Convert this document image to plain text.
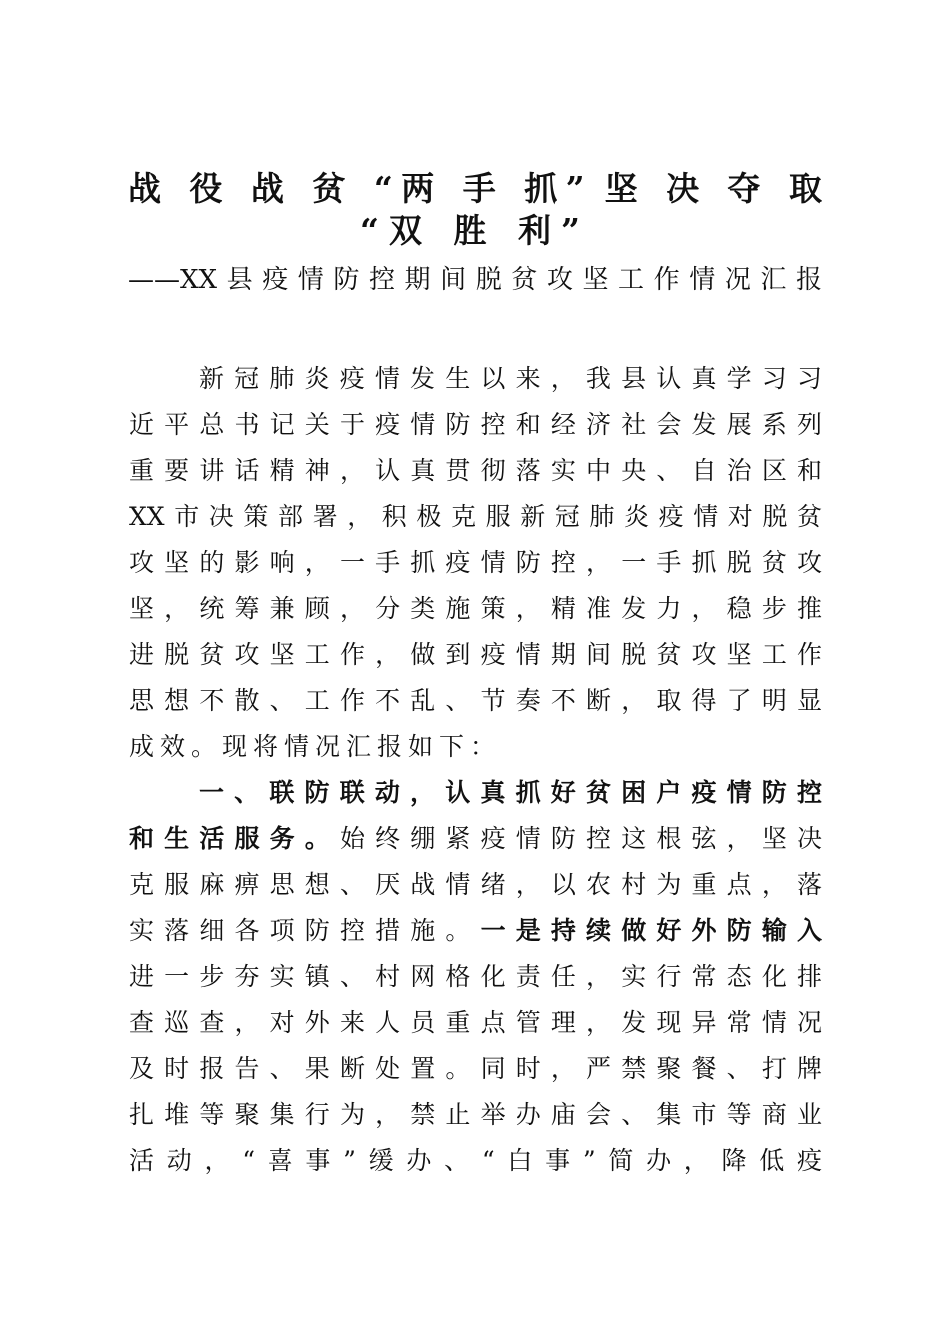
战 役 战 贫 “两 手 抓” 坚 决 夺 取
“双 胜 利”
——XX县疫情防控期间脱贫攻坚工作情况汇报
新冠肺炎疫情发生以来，我县认真学习习
近平总书记关于疫情防控和经济社会发展系列
重要讲话精神，认真贯彻落实中央、自治区和
XX市决策部署，积极克服新冠肺炎疫情对脱贫
攻坚的影响，一手抓疫情防控，一手抓脱贫攻
坚，统筹兼顾，分类施策，精准发力，稳步推
进脱贫攻坚工作，做到疫情期间脱贫攻坚工作
思想不散、工作不乱、节奏不断，取得了明显
成效。现将情况汇报如下：
一、联防联动，认真抓好贫困户疫情防控
和生活服务。始终绷紧疫情防控这根弦，坚决
克服麻痹思想、厌战情绪，以农村为重点，落
实落细各项防控措施。一是持续做好外防输入
进一步夯实镇、村网格化责任，实行常态化排
查巡查，对外来人员重点管理，发现异常情况
及时报告、果断处置。同时，严禁聚餐、打牌
扎堆等聚集行为，禁止举办庙会、集市等商业
活动，“喜事”缓办、“白事”简办，降低疫
